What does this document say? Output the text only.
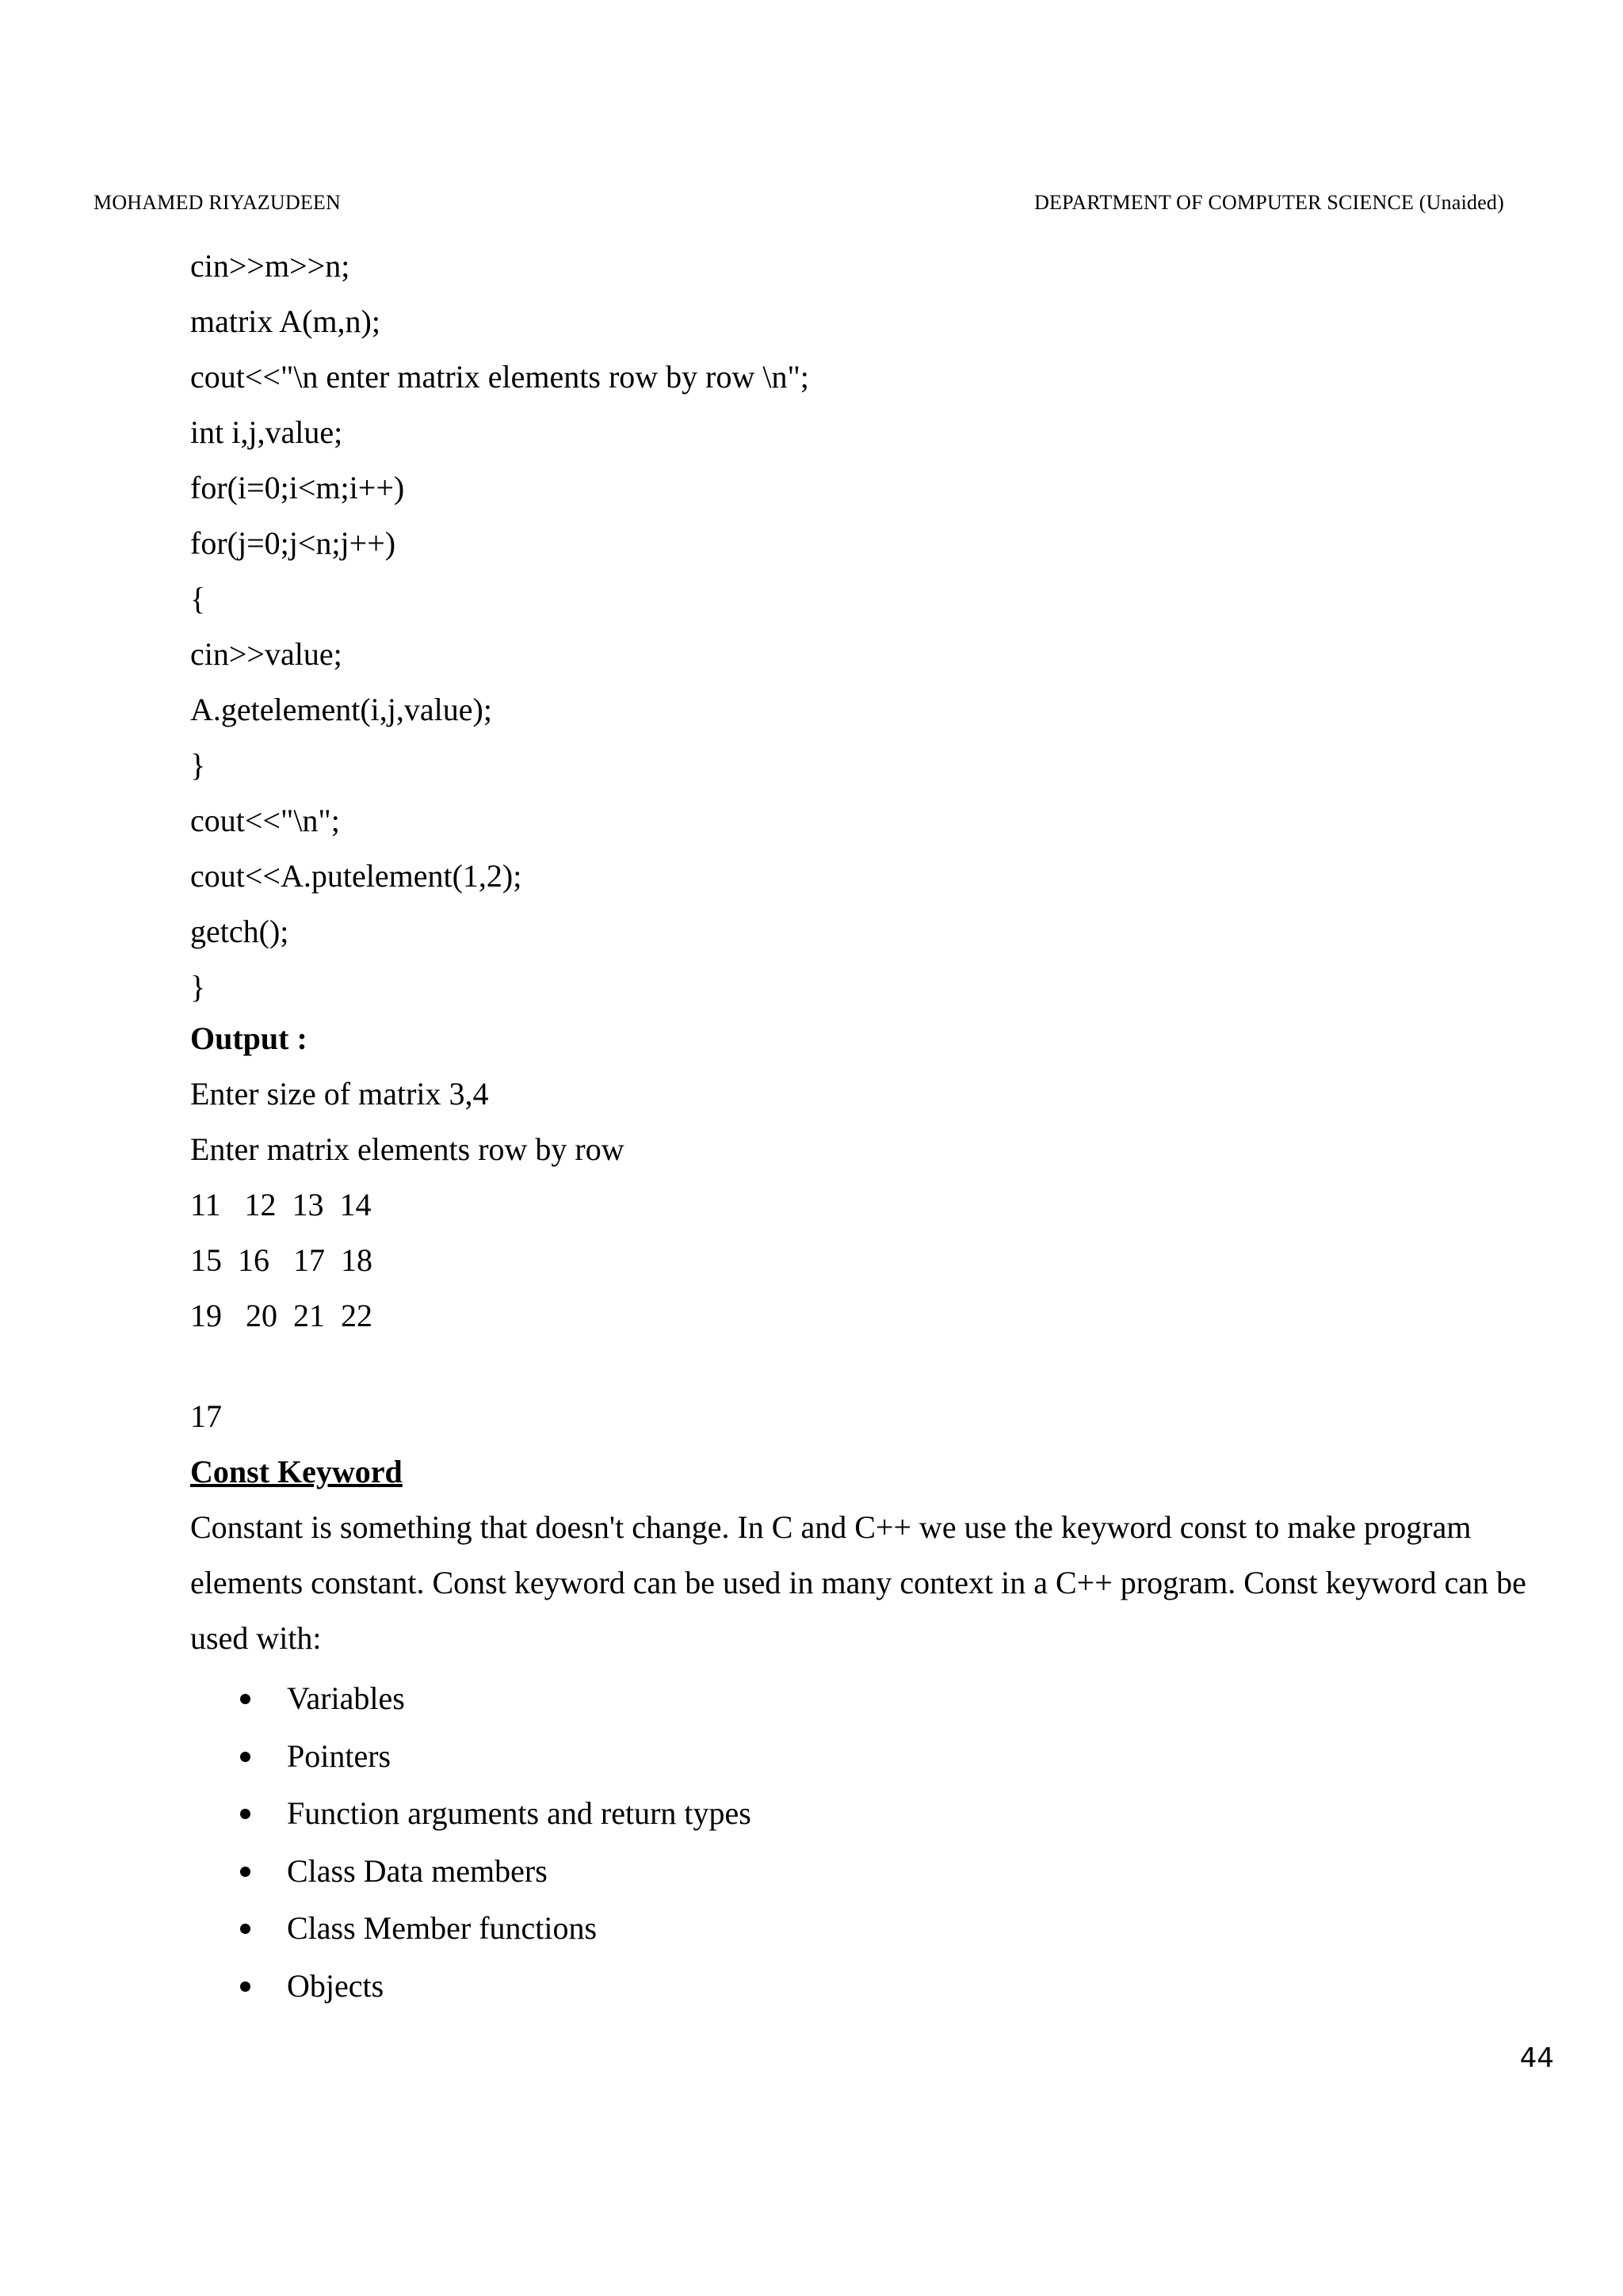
MOHAMED RIYAZUDEEN	DEPARTMENT OF COMPUTER SCIENCE (Unaided)
cin>>m>>n;
matrix A(m,n);
cout<<"\n enter matrix elements row by row \n";
int i,j,value;
for(i=0;i<m;i++)
for(j=0;j<n;j++)
{
cin>>value;
A.getelement(i,j,value);
}
cout<<"\n";
cout<<A.putelement(1,2);
getch();
}
Output :
Enter size of matrix 3,4
Enter matrix elements row by row
11   12  13  14
15  16   17  18
19   20  21  22
17
Const Keyword

Constant is something that doesn't change. In C and C++ we use the keyword const to make program elements constant. Const keyword can be used in many context in a C++ program. Const keyword can be used with:

Variables
Pointers
Function arguments and return types
Class Data members
Class Member functions
Objects
44
